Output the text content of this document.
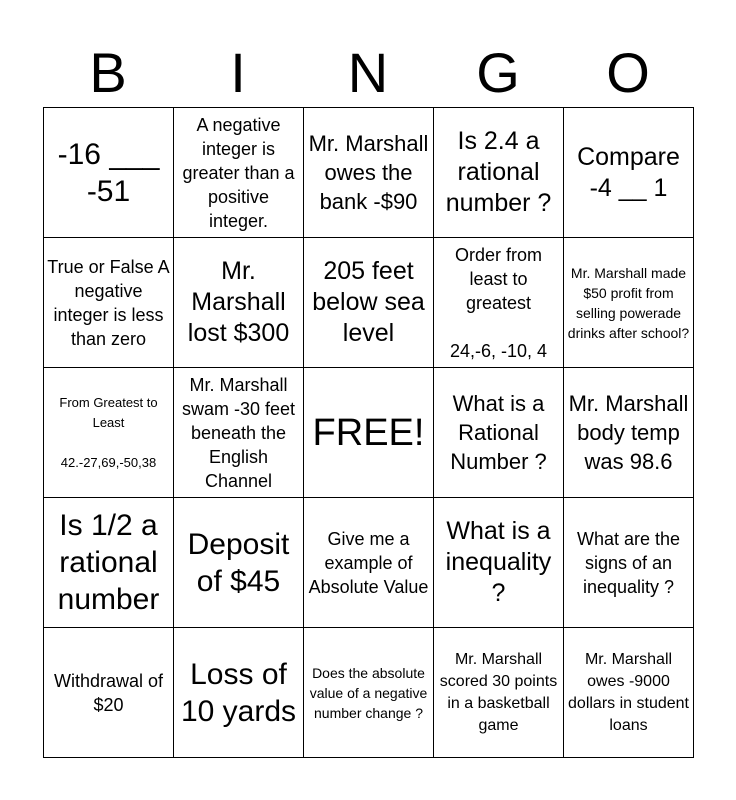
B	I	N	G	O
-16 ___
-51
A negative integer is greater than a positive integer.
Mr. Marshall owes the bank -$90
Is 2.4 a rational number ?
Compare
-4 __ 1
True or False A negative integer is less than zero
Mr. Marshall lost $300
205 feet below sea level
Order from least to greatest

24,-6, -10, 4
Mr. Marshall made $50 profit from selling powerade drinks after school?
From Greatest to Least

42.-27,69,-50,38
Mr. Marshall swam -30 feet beneath the English Channel
FREE!
What is a Rational Number ?
Mr. Marshall body temp was 98.6
Is 1/2 a rational number
Deposit of $45
Give me a example of Absolute Value
What is a inequality ?
What are the signs of an inequality ?
Withdrawal of $20
Loss of 10 yards
Does the absolute value of a negative number change ?
Mr. Marshall scored 30 points in a basketball game
Mr. Marshall owes -9000 dollars in student loans
